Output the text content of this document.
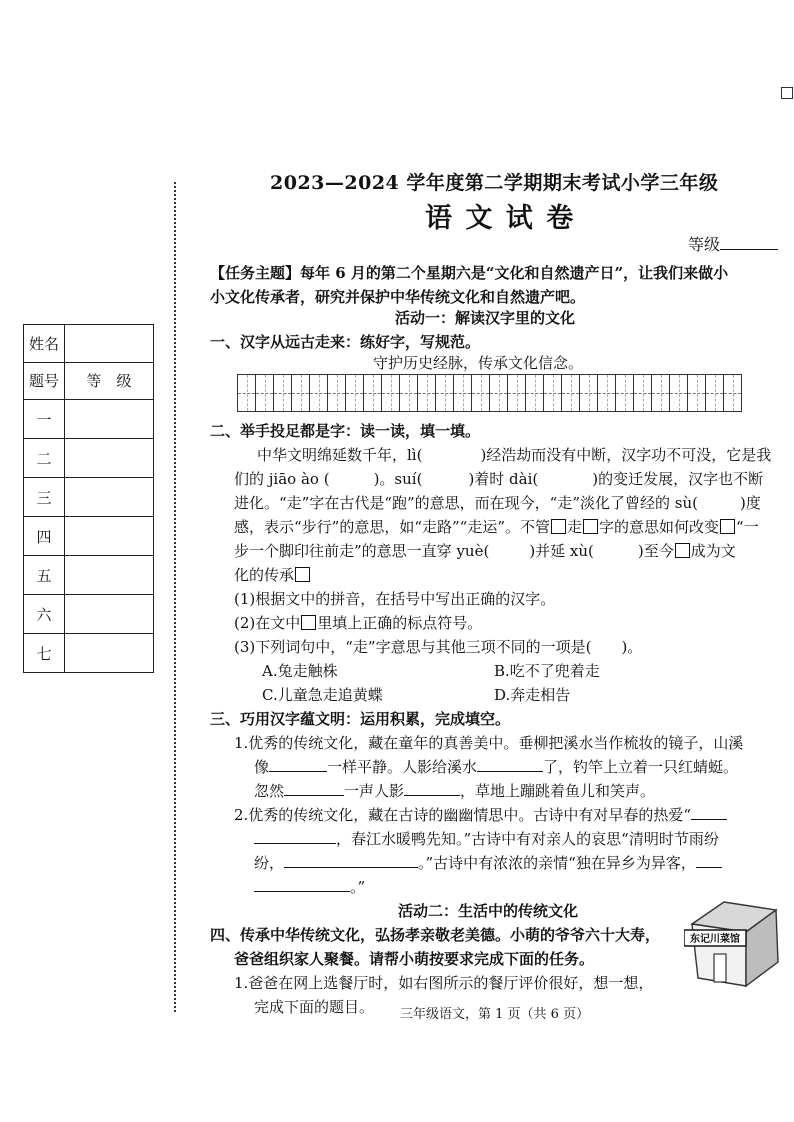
姓名	
题号	等　级
一	
二	
三	
四	
五	
六	
七	
2023—2024 学年度第二学期期末考试小学三年级
语 文 试 卷
等级
【任务主题】每年 6 月的第二个星期六是“文化和自然遗产日”，让我们来做小
小文化传承者，研究并保护中华传统文化和自然遗产吧。
活动一：解读汉字里的文化
一、汉字从远古走来：练好字，写规范。
守护历史经脉，传承文化信念。
二、举手投足都是字：读一读，填一填。
中华文明绵延数千年，lì(	)经浩劫而没有中断，汉字功不可没，它是我
们的 jiāo ào (	)。suí(	)着时 dài(	)的变迁发展，汉字也不断
进化。“走”字在古代是“跑”的意思，而在现今，“走”淡化了曾经的 sù(	)度
感，表示“步行”的意思，如“走路”“走运”。不管 走 字的意思如何改变 “一
步一个脚印往前走”的意思一直穿 yuè(	)并延 xù(	)至今 成为文
化的传承
(1)根据文中的拼音，在括号中写出正确的汉字。
(2)在文中 里填上正确的标点符号。
(3)下列词句中，“走”字意思与其他三项不同的一项是( )。
A.兔走触株	B.吃不了兜着走
C.儿童急走追黄蝶	D.奔走相告
三、巧用汉字蕴文明：运用积累，完成填空。
1.优秀的传统文化，藏在童年的真善美中。垂柳把溪水当作梳妆的镜子，山溪
像	一样平静。人影给溪水	了，钓竿上立着一只红蜻蜓。
忽然	一声人影	，草地上蹦跳着鱼儿和笑声。
2.优秀的传统文化，藏在古诗的幽幽情思中。古诗中有对早春的热爱“
，春江水暖鸭先知。”古诗中有对亲人的哀思“清明时节雨纷
纷，	。”古诗中有浓浓的亲情“独在异乡为异客，
。”
活动二：生活中的传统文化
四、传承中华传统文化，弘扬孝亲敬老美德。小萌的爷爷六十大寿，
爸爸组织家人聚餐。请帮小萌按要求完成下面的任务。
1.爸爸在网上选餐厅时，如右图所示的餐厅评价很好，想一想，
完成下面的题目。
东记川菜馆
三年级语文，第 1 页（共 6 页）
